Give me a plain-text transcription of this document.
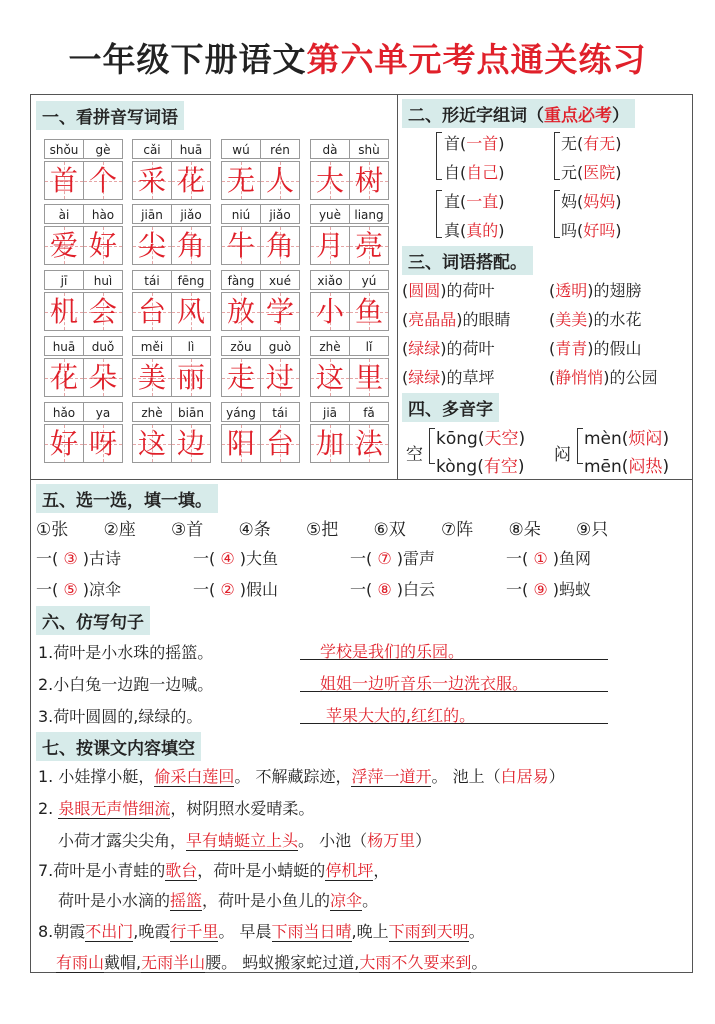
一年级下册语文第六单元考点通关练习
一、看拼音写词语
shǒu	gè
首 个
cǎi	huā
采 花
wú	rén
无 人
dà	shù
大 树
ài	hào
爱 好
jiān	jiǎo
尖 角
niú	jiǎo
牛 角
yuè	liang
月 亮
jī	huì
机 会
tái	fēng
台 风
fàng	xué
放 学
xiǎo	yú
小 鱼
huā	duǒ
花 朵
měi	lì
美 丽
zǒu	guò
走 过
zhè	lǐ
这 里
hǎo	ya
好 呀
zhè	biān
这 边
yáng	tái
阳 台
jiā	fǎ
加 法
二、形近字组词（重点必考）
首(一首)
自(自己)
无(有无)
元(医院)
直(一直)
真(真的)
妈(妈妈)
吗(好吗)
三、词语搭配。
(圆圆)的荷叶	(透明)的翅膀
(亮晶晶)的眼睛 (美美)的水花
(绿绿)的荷叶	(青青)的假山
(绿绿)的草坪	(静悄悄)的公园
四、多音字
空
kōng(天空)
kòng(有空)
闷
mèn(烦闷)
mēn(闷热)
五、选一选，填一填。
①张 ②座 ③首 ④条 ⑤把 ⑥双 ⑦阵 ⑧朵 ⑨只
一( ③ )古诗	一( ④ )大鱼	一( ⑦ )雷声	一( ① )鱼网
一( ⑤ )凉伞	一( ② )假山	一( ⑧ )白云	一( ⑨ )蚂蚁
六、仿写句子
1.荷叶是小水珠的摇篮。	学校是我们的乐园。
2.小白兔一边跑一边喊。	姐姐一边听音乐一边洗衣服。
3.荷叶圆圆的,绿绿的。	苹果大大的,红红的。
七、按课文内容填空
1. 小娃撑小艇，偷采白莲回。 不解藏踪迹，浮萍一道开。 池上（白居易）
2. 泉眼无声惜细流，树阴照水爱晴柔。
小荷才露尖尖角，早有蜻蜓立上头。 小池（杨万里）
7.荷叶是小青蛙的歌台，荷叶是小蜻蜓的停机坪，
荷叶是小水滴的摇篮，荷叶是小鱼儿的凉伞。
8.朝霞不出门,晚霞行千里。 早晨下雨当日晴,晚上下雨到天明。
有雨山戴帽,无雨半山腰。 蚂蚁搬家蛇过道,大雨不久要来到。
